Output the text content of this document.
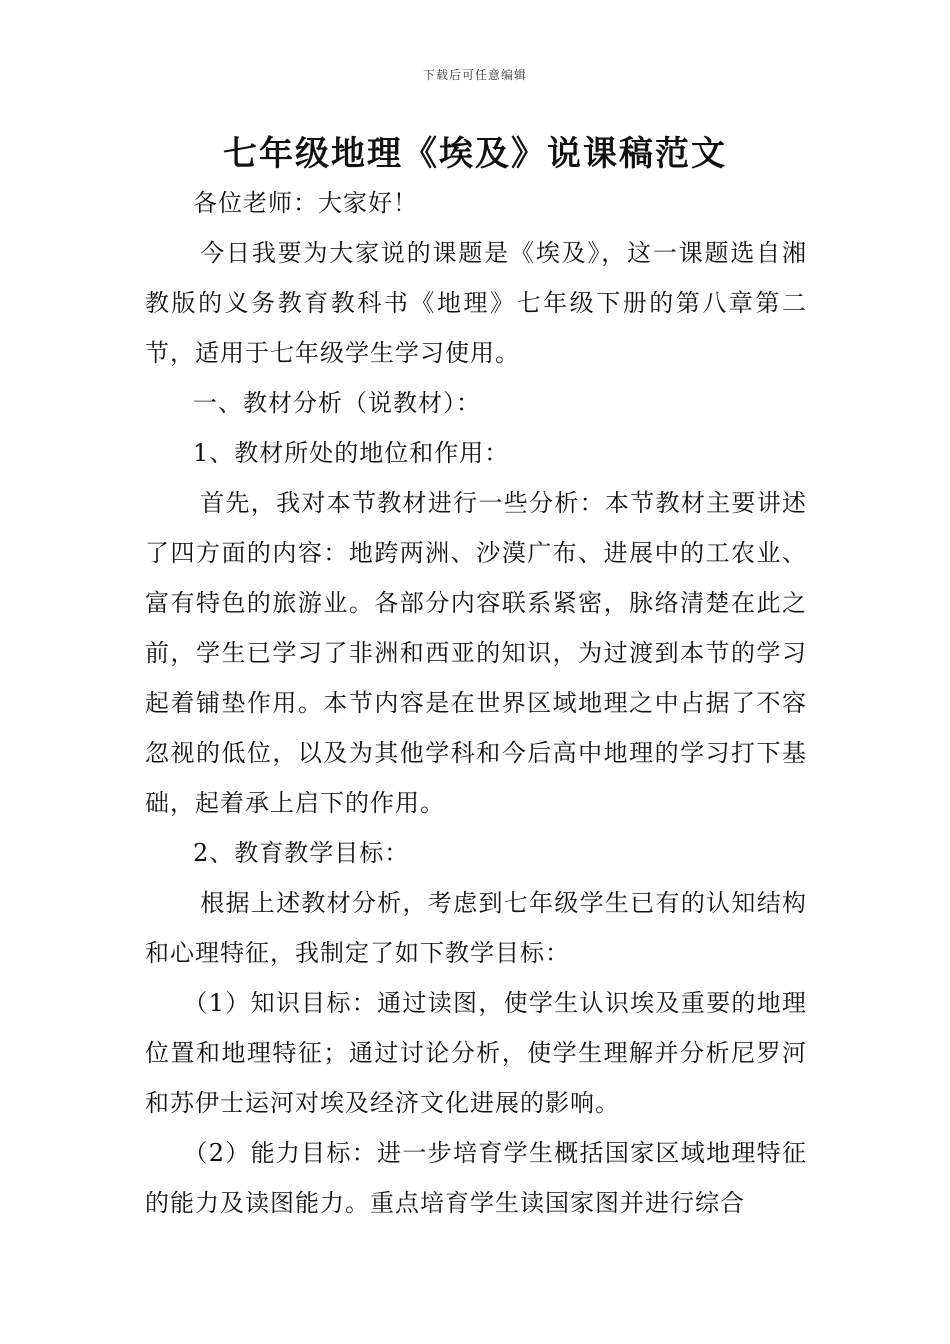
下载后可任意编辑
七年级地理《埃及》说课稿范文

各位老师：大家好！

今日我要为大家说的课题是《埃及》，这一课题选自湘教版的义务教育教科书《地理》七年级下册的第八章第二节，适用于七年级学生学习使用。

一、教材分析（说教材）：

1、教材所处的地位和作用：

首先，我对本节教材进行一些分析：本节教材主要讲述了四方面的内容：地跨两洲、沙漠广布、进展中的工农业、富有特色的旅游业。各部分内容联系紧密，脉络清楚在此之前，学生已学习了非洲和西亚的知识，为过渡到本节的学习起着铺垫作用。本节内容是在世界区域地理之中占据了不容忽视的低位，以及为其他学科和今后高中地理的学习打下基础，起着承上启下的作用。

2、教育教学目标：

根据上述教材分析，考虑到七年级学生已有的认知结构和心理特征，我制定了如下教学目标：

（1）知识目标：通过读图，使学生认识埃及重要的地理位置和地理特征；通过讨论分析，使学生理解并分析尼罗河和苏伊士运河对埃及经济文化进展的影响。

（2）能力目标：进一步培育学生概括国家区域地理特征的能力及读图能力。重点培育学生读国家图并进行综合
